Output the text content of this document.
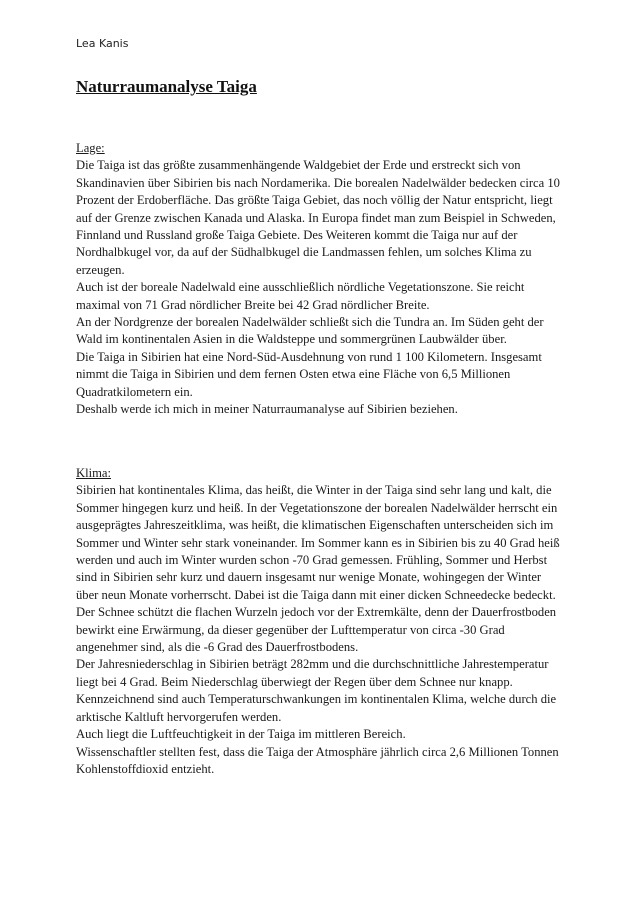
Lea Kanis
Naturraumanalyse Taiga
Lage:

Die Taiga ist das größte zusammenhängende Waldgebiet der Erde und erstreckt sich von Skandinavien über Sibirien bis nach Nordamerika. Die borealen Nadelwälder bedecken circa 10 Prozent der Erdoberfläche. Das größte Taiga Gebiet, das noch völlig der Natur entspricht, liegt auf der Grenze zwischen Kanada und Alaska. In Europa findet man zum Beispiel in Schweden, Finnland und Russland große Taiga Gebiete. Des Weiteren kommt die Taiga nur auf der Nordhalbkugel vor, da auf der Südhalbkugel die Landmassen fehlen, um solches Klima zu erzeugen.

Auch ist der boreale Nadelwald eine ausschließlich nördliche Vegetationszone. Sie reicht maximal von 71 Grad nördlicher Breite bei 42 Grad nördlicher Breite.

An der Nordgrenze der borealen Nadelwälder schließt sich die Tundra an. Im Süden geht der Wald im kontinentalen Asien in die Waldsteppe und sommergrünen Laubwälder über.

Die Taiga in Sibirien hat eine Nord-Süd-Ausdehnung von rund 1 100 Kilometern. Insgesamt nimmt die Taiga in Sibirien und dem fernen Osten etwa eine Fläche von 6,5 Millionen Quadratkilometern ein.

Deshalb werde ich mich in meiner Naturraumanalyse auf Sibirien beziehen.

Klima:

Sibirien hat kontinentales Klima, das heißt, die Winter in der Taiga sind sehr lang und kalt, die Sommer hingegen kurz und heiß. In der Vegetationszone der borealen Nadelwälder herrscht ein ausgeprägtes Jahreszeitklima, was heißt, die klimatischen Eigenschaften unterscheiden sich im Sommer und Winter sehr stark voneinander. Im Sommer kann es in Sibirien bis zu 40 Grad heiß werden und auch im Winter wurden schon -70 Grad gemessen. Frühling, Sommer und Herbst sind in Sibirien sehr kurz und dauern insgesamt nur wenige Monate, wohingegen der Winter über neun Monate vorherrscht. Dabei ist die Taiga dann mit einer dicken Schneedecke bedeckt.

Der Schnee schützt die flachen Wurzeln jedoch vor der Extremkälte, denn der Dauerfrostboden bewirkt eine Erwärmung, da dieser gegenüber der Lufttemperatur von circa -30 Grad angenehmer sind, als die -6 Grad des Dauerfrostbodens.

Der Jahresniederschlag in Sibirien beträgt 282mm und die durchschnittliche Jahrestemperatur liegt bei 4 Grad. Beim Niederschlag überwiegt der Regen über dem Schnee nur knapp.

Kennzeichnend sind auch Temperaturschwankungen im kontinentalen Klima, welche durch die arktische Kaltluft hervorgerufen werden.

Auch liegt die Luftfeuchtigkeit in der Taiga im mittleren Bereich.

Wissenschaftler stellten fest, dass die Taiga der Atmosphäre jährlich circa 2,6 Millionen Tonnen Kohlenstoffdioxid entzieht.
